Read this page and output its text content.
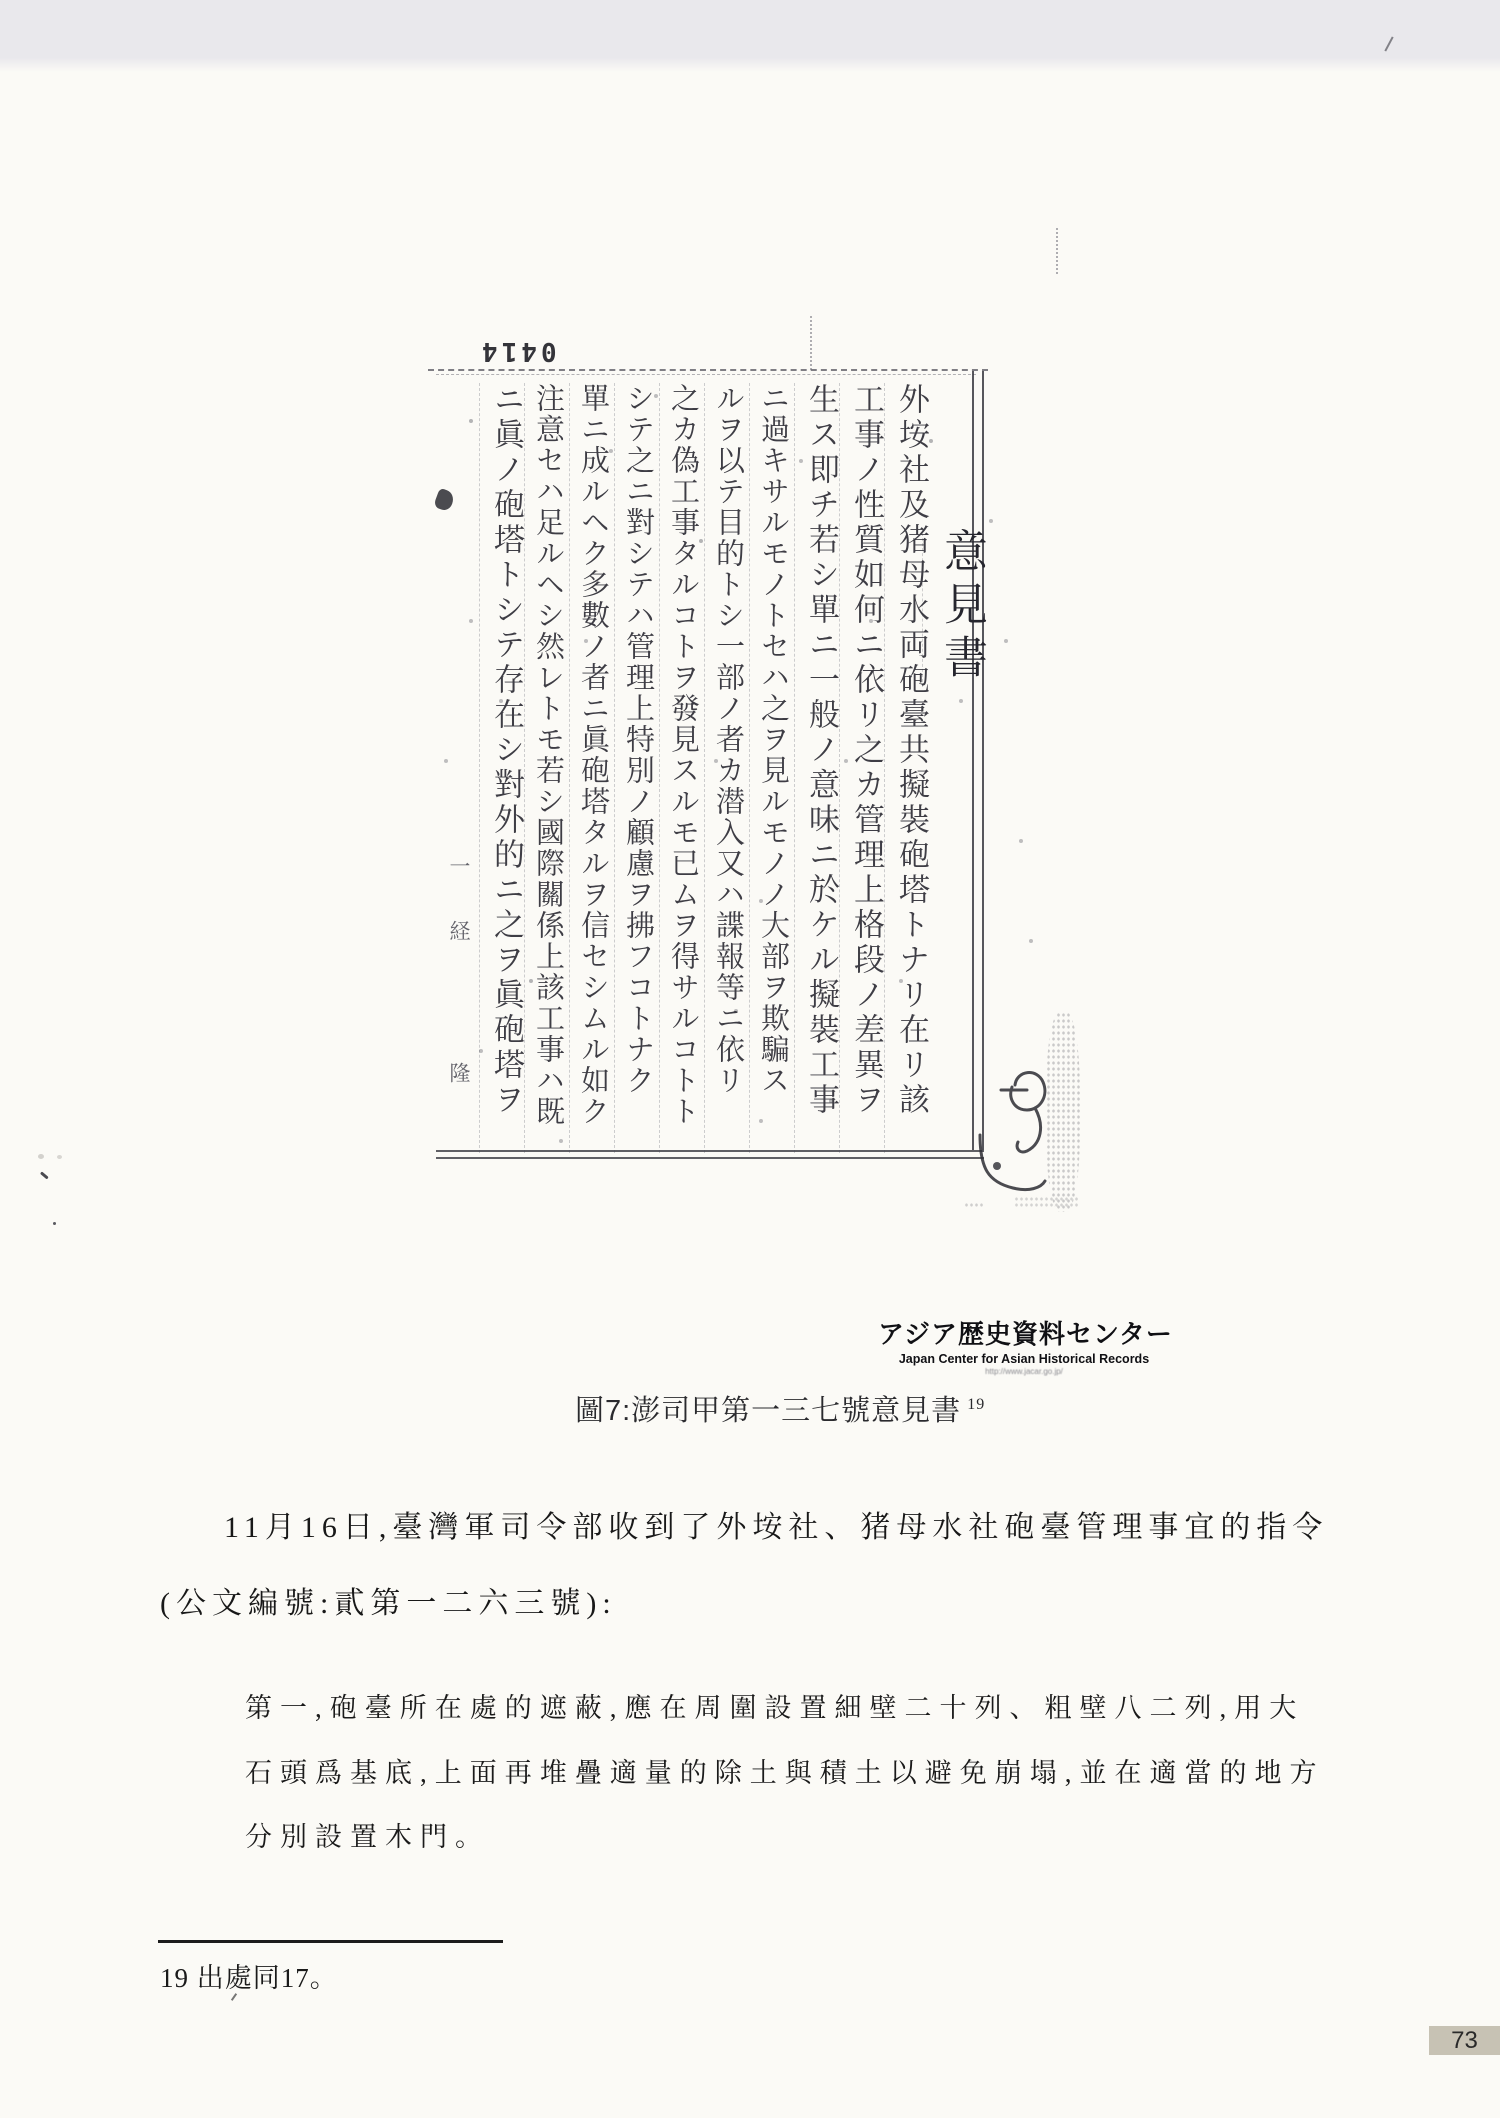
0414
意見書
外垵社及猪母水両砲臺共擬裝砲塔トナリ在リ該
工事ノ性質如何ニ依リ之カ管理上格段ノ差異ヲ
生ス即チ若シ單ニ一般ノ意味ニ於ケル擬裝工事
ニ過キサルモノトセハ之ヲ見ルモノノ大部ヲ欺騙ス
ルヲ以テ目的トシ一部ノ者カ潜入又ハ諜報等ニ依リ
之カ偽工事タルコトヲ發見スルモ已ムヲ得サルコトト
シテ之ニ對シテハ管理上特別ノ顧慮ヲ拂フコトナク
單ニ成ルヘク多數ノ者ニ眞砲塔タルヲ信セシムル如ク
注意セハ足ルヘシ然レトモ若シ國際關係上該工事ハ既
ニ眞ノ砲塔トシテ存在シ對外的ニ之ヲ眞砲塔ヲ
一
経
隆
アジア歴史資料センター
Japan Center for Asian Historical Records
http://www.jacar.go.jp/
圖7:澎司甲第一三七號意見書 $^{19}$
11月16日,臺灣軍司令部收到了外垵社、猪母水社砲臺管理事宜的指令
(公文編號:貳第一二六三號):
第一,砲臺所在處的遮蔽,應在周圍設置細壁二十列、粗壁八二列,用大
石頭爲基底,上面再堆疊適量的除土與積土以避免崩塌,並在適當的地方
分別設置木門。
19 出處同17。
73
